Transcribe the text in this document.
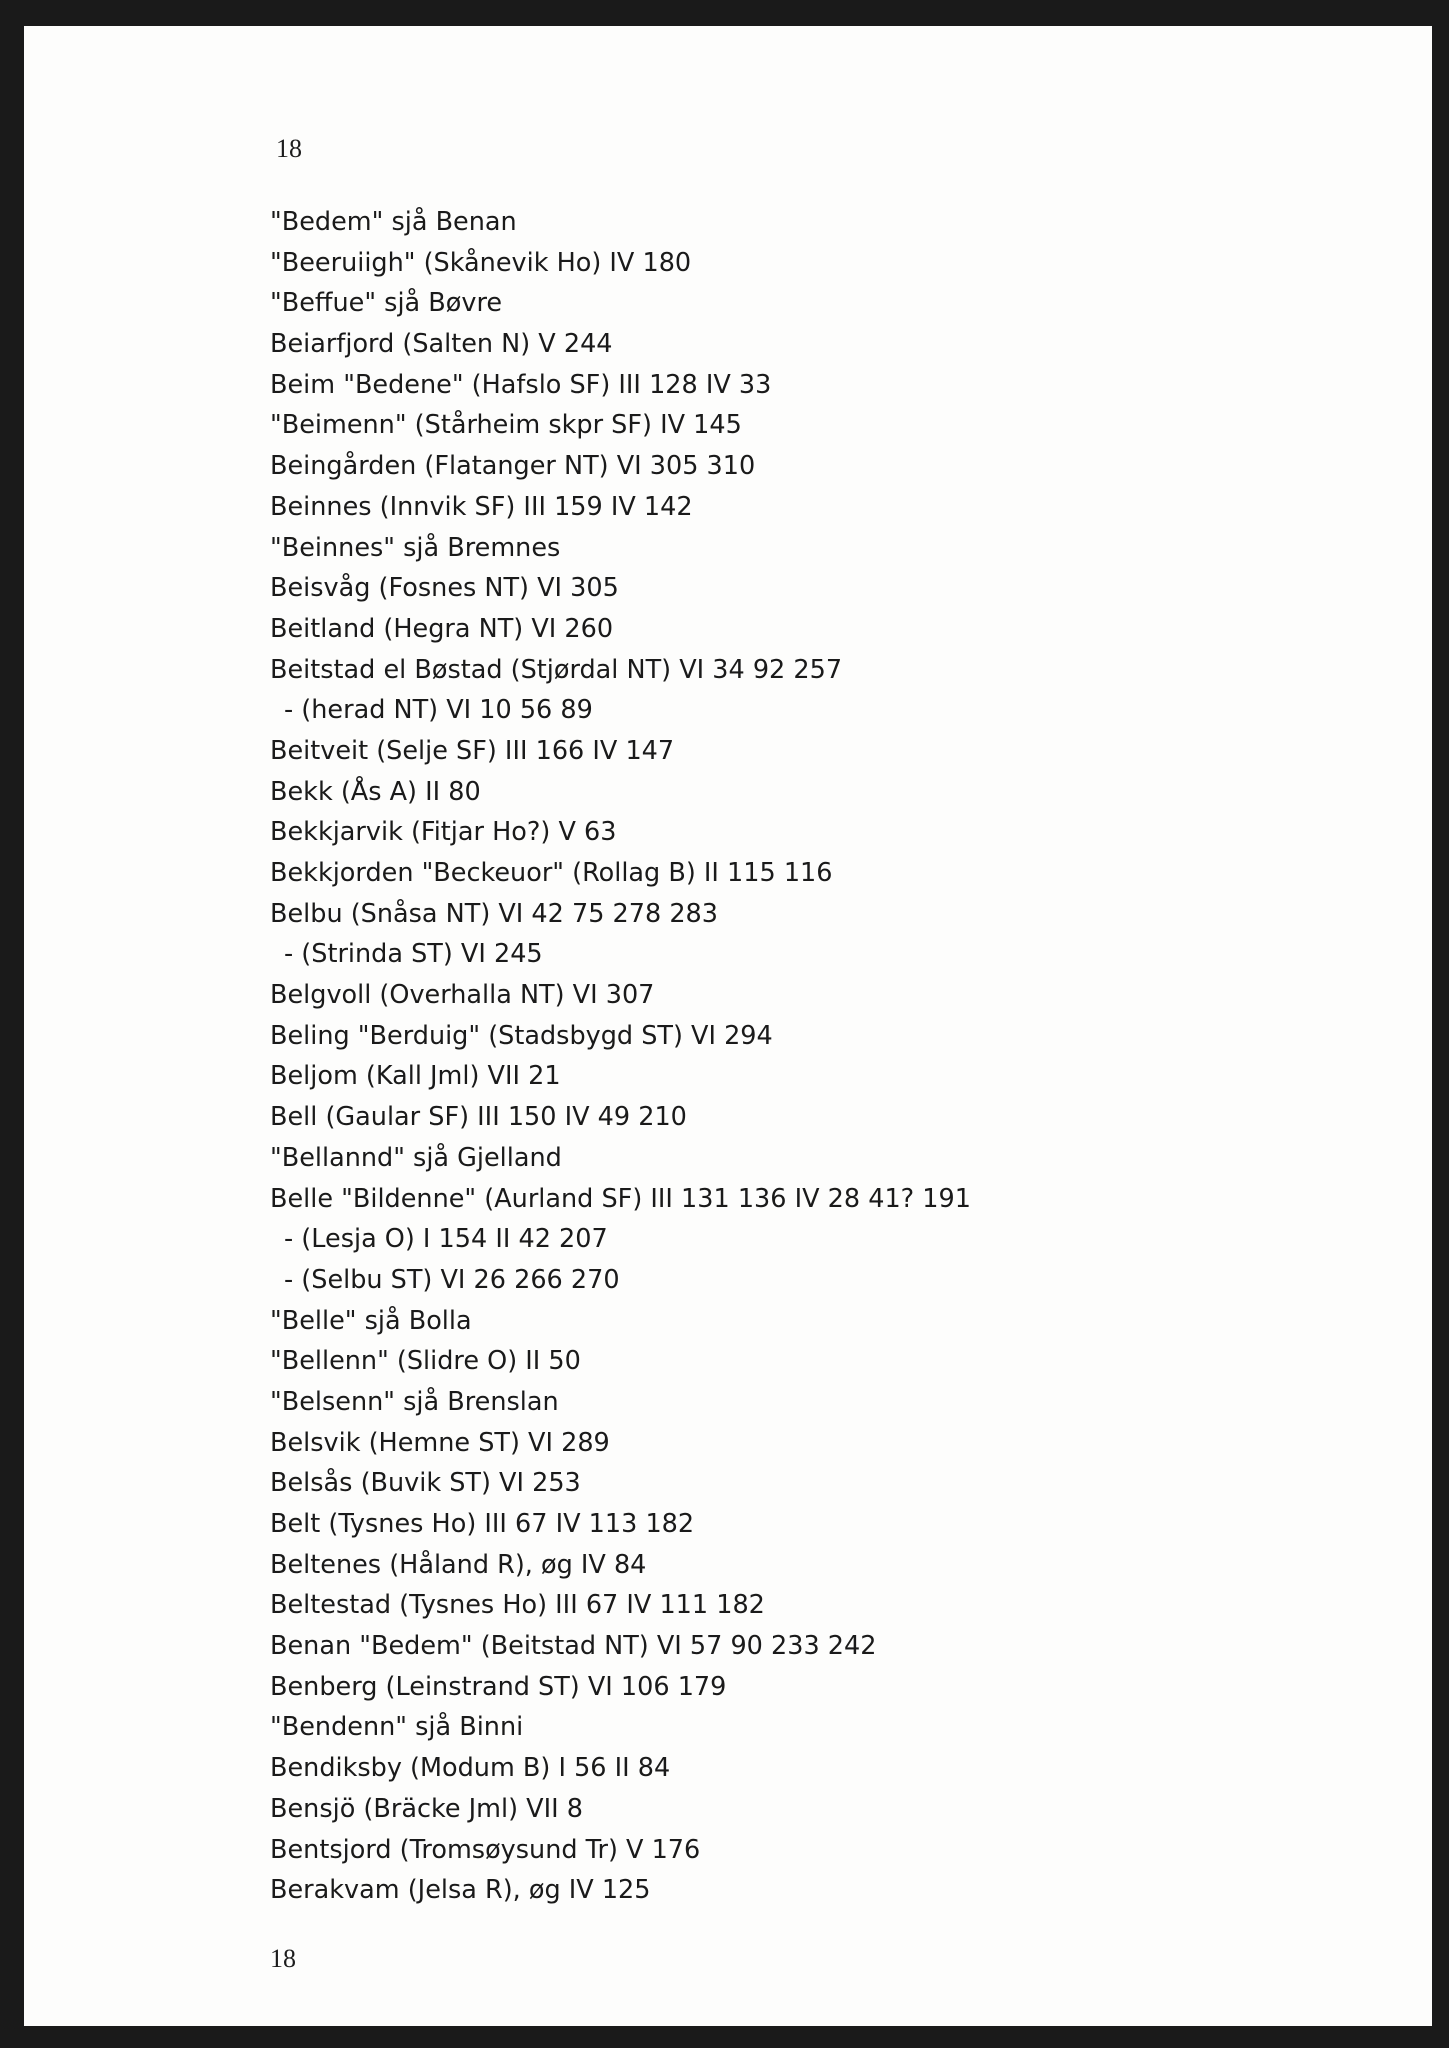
18

"Bedem" sjå Benan
"Beeruiigh" (Skånevik Ho) IV 180
"Beffue" sjå Bøvre
Beiarfjord (Salten N) V 244
Beim "Bedene" (Hafslo SF) III 128 IV 33
"Beimenn" (Stårheim skpr SF) IV 145
Beingården (Flatanger NT) VI 305 310
Beinnes (Innvik SF) III 159 IV 142
"Beinnes" sjå Bremnes
Beisvåg (Fosnes NT) VI 305
Beitland (Hegra NT) VI 260
Beitstad el Bøstad (Stjørdal NT) VI 34 92 257
- (herad NT) VI 10 56 89
Beitveit (Selje SF) III 166 IV 147
Bekk (Ås A) II 80
Bekkjarvik (Fitjar Ho?) V 63
Bekkjorden "Beckeuor" (Rollag B) II 115 116
Belbu (Snåsa NT) VI 42 75 278 283
- (Strinda ST) VI 245
Belgvoll (Overhalla NT) VI 307
Beling "Berduig" (Stadsbygd ST) VI 294
Beljom (Kall Jml) VII 21
Bell (Gaular SF) III 150 IV 49 210
"Bellannd" sjå Gjelland
Belle "Bildenne" (Aurland SF) III 131 136 IV 28 41? 191
- (Lesja O) I 154 II 42 207
- (Selbu ST) VI 26 266 270
"Belle" sjå Bolla
"Bellenn" (Slidre O) II 50
"Belsenn" sjå Brenslan
Belsvik (Hemne ST) VI 289
Belsås (Buvik ST) VI 253
Belt (Tysnes Ho) III 67 IV 113 182
Beltenes (Håland R), øg IV 84
Beltestad (Tysnes Ho) III 67 IV 111 182
Benan "Bedem" (Beitstad NT) VI 57 90 233 242
Benberg (Leinstrand ST) VI 106 179
"Bendenn" sjå Binni
Bendiksby (Modum B) I 56 II 84
Bensjö (Bräcke Jml) VII 8
Bentsjord (Tromsøysund Tr) V 176
Berakvam (Jelsa R), øg IV 125

18
